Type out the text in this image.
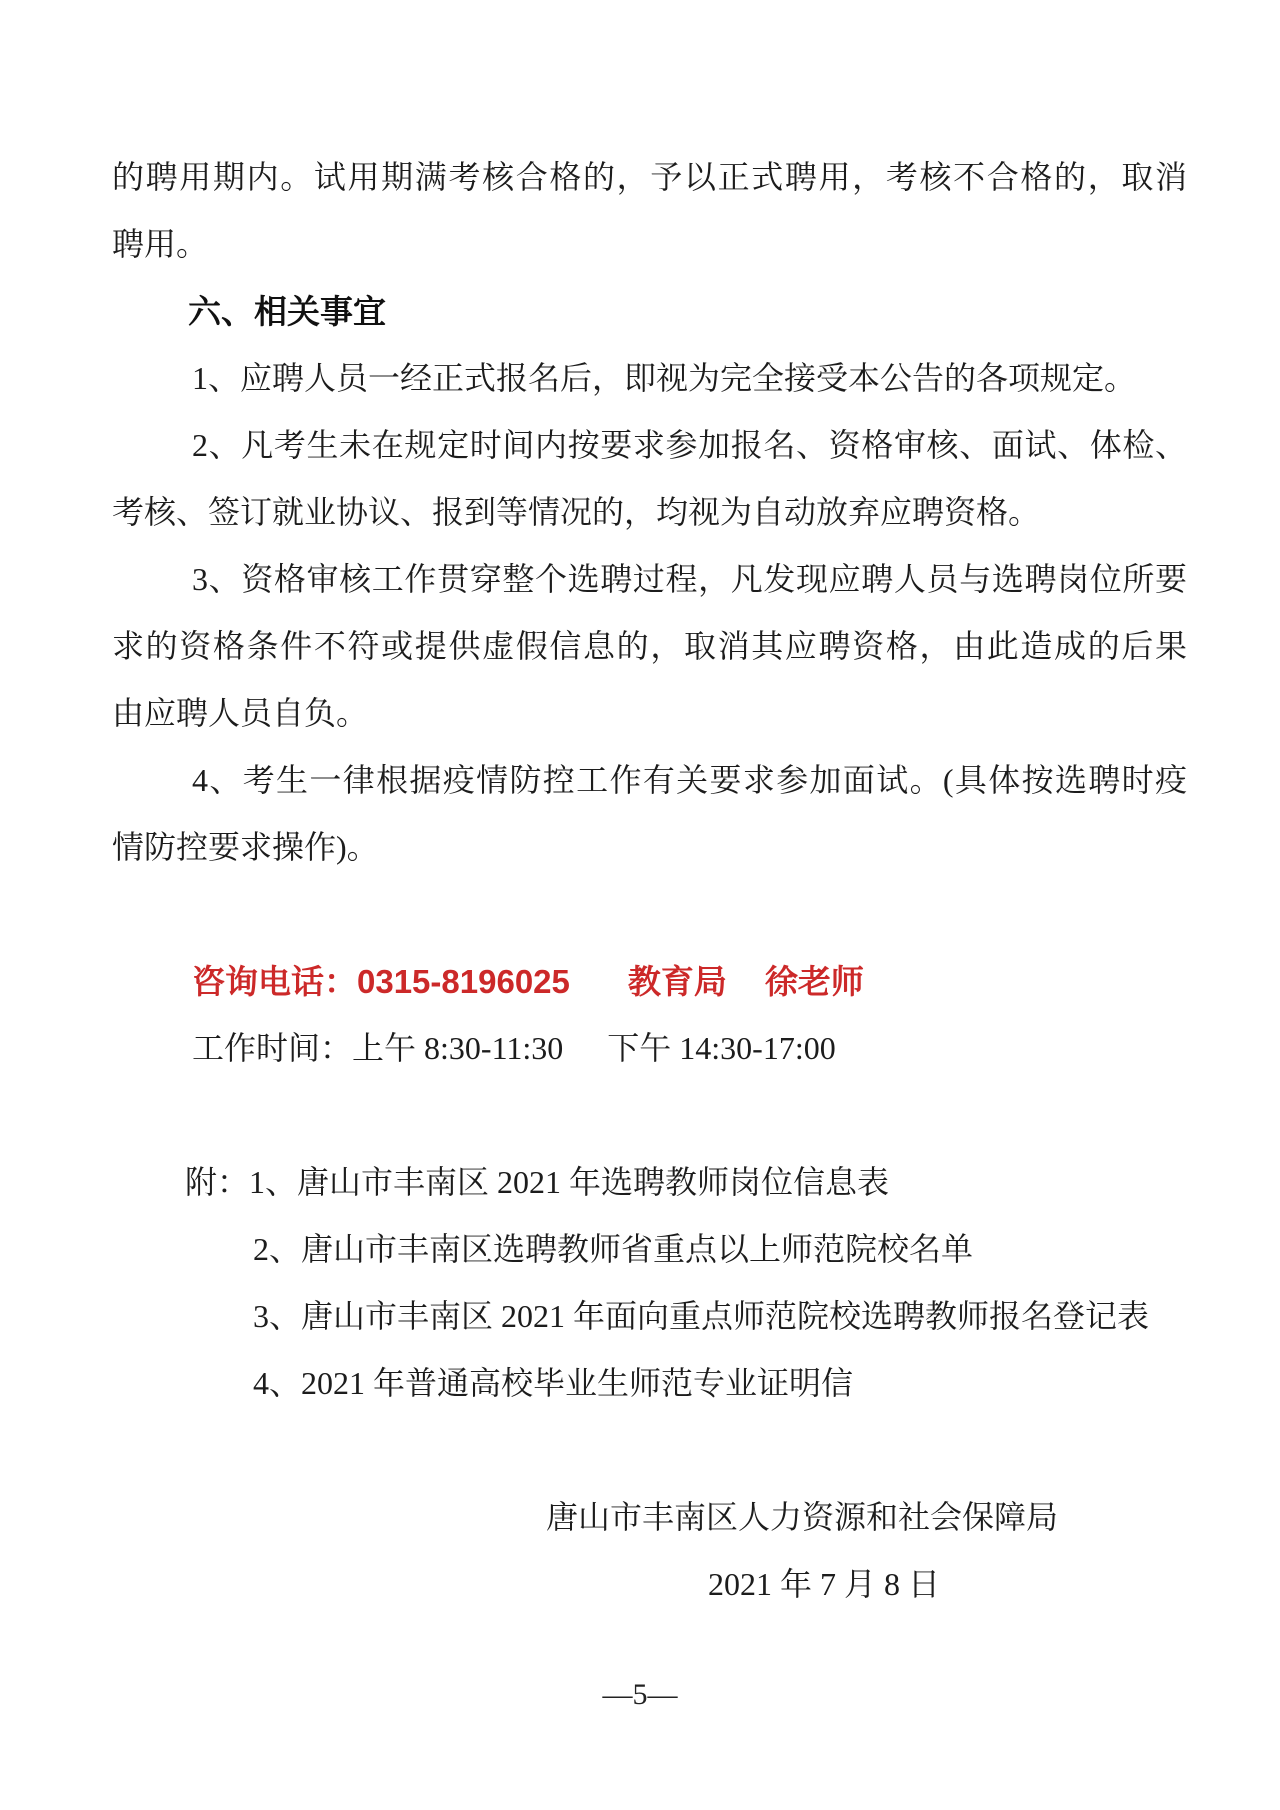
的聘用期内。试用期满考核合格的，予以正式聘用，考核不合格的，取消
聘用。
六、相关事宜
1、应聘人员一经正式报名后，即视为完全接受本公告的各项规定。
2、凡考生未在规定时间内按要求参加报名、资格审核、面试、体检、
考核、签订就业协议、报到等情况的，均视为自动放弃应聘资格。
3、资格审核工作贯穿整个选聘过程，凡发现应聘人员与选聘岗位所要
求的资格条件不符或提供虚假信息的，取消其应聘资格，由此造成的后果
由应聘人员自负。
4、考生一律根据疫情防控工作有关要求参加面试。(具体按选聘时疫
情防控要求操作)。
咨询电话：0315-8196025 教育局 徐老师
工作时间：上午 8:30-11:30 下午 14:30-17:00
附：1、唐山市丰南区 2021 年选聘教师岗位信息表
2、唐山市丰南区选聘教师省重点以上师范院校名单
3、唐山市丰南区 2021 年面向重点师范院校选聘教师报名登记表
4、2021 年普通高校毕业生师范专业证明信
唐山市丰南区人力资源和社会保障局
2021 年 7 月 8 日
—5—
